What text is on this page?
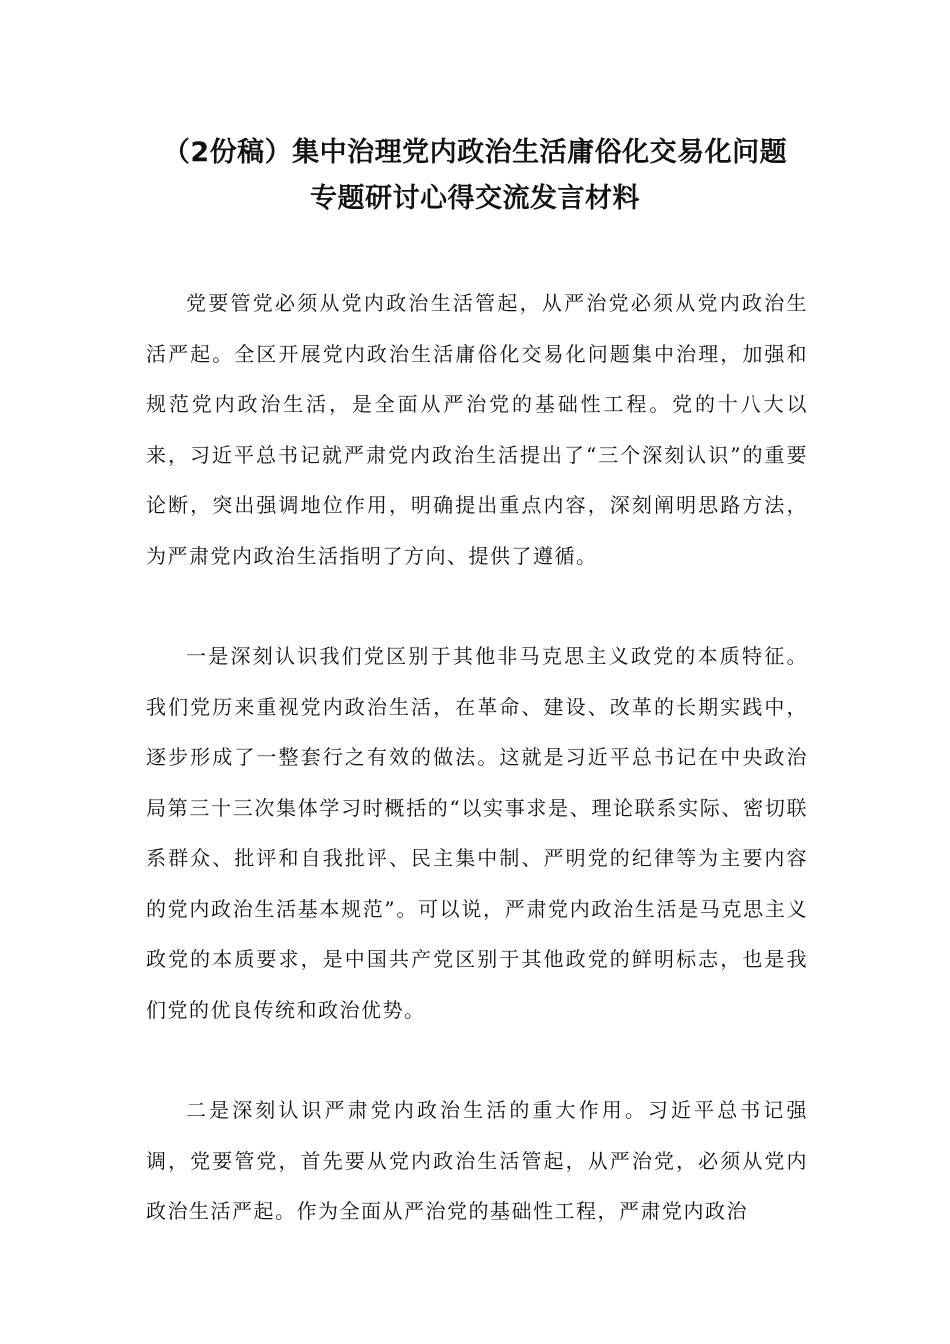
（2份稿）集中治理党内政治生活庸俗化交易化问题
专题研讨心得交流发言材料

党要管党必须从党内政治生活管起，从严治党必须从党内政治生活严起。全区开展党内政治生活庸俗化交易化问题集中治理，加强和规范党内政治生活，是全面从严治党的基础性工程。党的十八大以来，习近平总书记就严肃党内政治生活提出了“三个深刻认识”的重要论断，突出强调地位作用，明确提出重点内容，深刻阐明思路方法，为严肃党内政治生活指明了方向、提供了遵循。

一是深刻认识我们党区别于其他非马克思主义政党的本质特征。我们党历来重视党内政治生活，在革命、建设、改革的长期实践中，逐步形成了一整套行之有效的做法。这就是习近平总书记在中央政治局第三十三次集体学习时概括的“以实事求是、理论联系实际、密切联系群众、批评和自我批评、民主集中制、严明党的纪律等为主要内容的党内政治生活基本规范”。可以说，严肃党内政治生活是马克思主义政党的本质要求，是中国共产党区别于其他政党的鲜明标志，也是我们党的优良传统和政治优势。

二是深刻认识严肃党内政治生活的重大作用。习近平总书记强调，党要管党，首先要从党内政治生活管起，从严治党，必须从党内政治生活严起。作为全面从严治党的基础性工程，严肃党内政治
